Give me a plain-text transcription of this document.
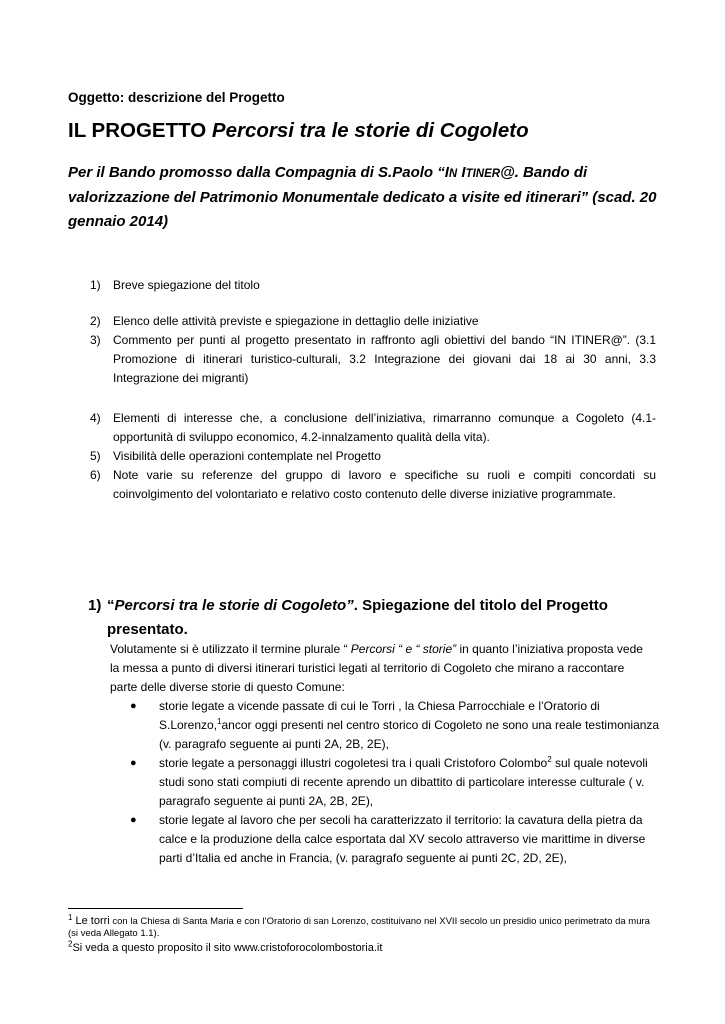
Oggetto: descrizione del Progetto
IL PROGETTO Percorsi tra le storie di Cogoleto
Per il Bando promosso dalla Compagnia di S.Paolo “IN ITINER@. Bando di valorizzazione del Patrimonio Monumentale dedicato a visite ed itinerari” (scad. 20 gennaio 2014)
1)	Breve spiegazione del titolo
2)	Elenco delle attività previste e spiegazione in dettaglio delle iniziative
3)	Commento per punti al progetto presentato in raffronto agli obiettivi del bando “IN ITINER@”. (3.1 Promozione di itinerari turistico-culturali, 3.2 Integrazione dei giovani dai 18 ai 30 anni, 3.3 Integrazione dei migranti)
4)	Elementi di interesse che, a conclusione dell’iniziativa, rimarranno comunque a Cogoleto (4.1-opportunità di sviluppo economico, 4.2-innalzamento qualità della vita).
5)	Visibilità delle operazioni contemplate nel Progetto
6)	Note varie su referenze del gruppo di lavoro e specifiche su ruoli e compiti concordati su coinvolgimento del volontariato e relativo costo contenuto delle diverse iniziative programmate.
1) “Percorsi tra le storie di Cogoleto”. Spiegazione del titolo del Progetto presentato.
Volutamente si è utilizzato il termine plurale “ Percorsi “ e “ storie” in quanto l’iniziativa proposta vede la messa a punto di diversi itinerari turistici legati al territorio di Cogoleto che mirano a raccontare parte delle diverse storie di questo Comune:
●	storie legate a vicende passate di cui le Torri , la Chiesa Parrocchiale e l’Oratorio di S.Lorenzo,$^1$ancor oggi presenti nel centro storico di Cogoleto ne sono una reale testimonianza (v. paragrafo seguente ai punti 2A, 2B, 2E),
●	storie legate a personaggi illustri cogoletesi tra i quali Cristoforo Colombo$^2$ sul quale notevoli studi sono stati compiuti di recente aprendo un dibattito di particolare interesse culturale ( v. paragrafo seguente ai punti 2A, 2B, 2E),
●	storie legate al lavoro che per secoli ha caratterizzato il territorio: la cavatura della pietra da calce e la produzione della calce esportata dal XV secolo attraverso vie marittime in diverse parti d’Italia ed anche in Francia, (v. paragrafo seguente ai punti 2C, 2D, 2E),
$^1$ Le torri con la Chiesa di Santa Maria e con l’Oratorio di san Lorenzo, costituivano nel XVII secolo un presidio unico perimetrato da mura (si veda Allegato 1.1).
$^2$Si veda a questo proposito il sito www.cristoforocolombostoria.it
